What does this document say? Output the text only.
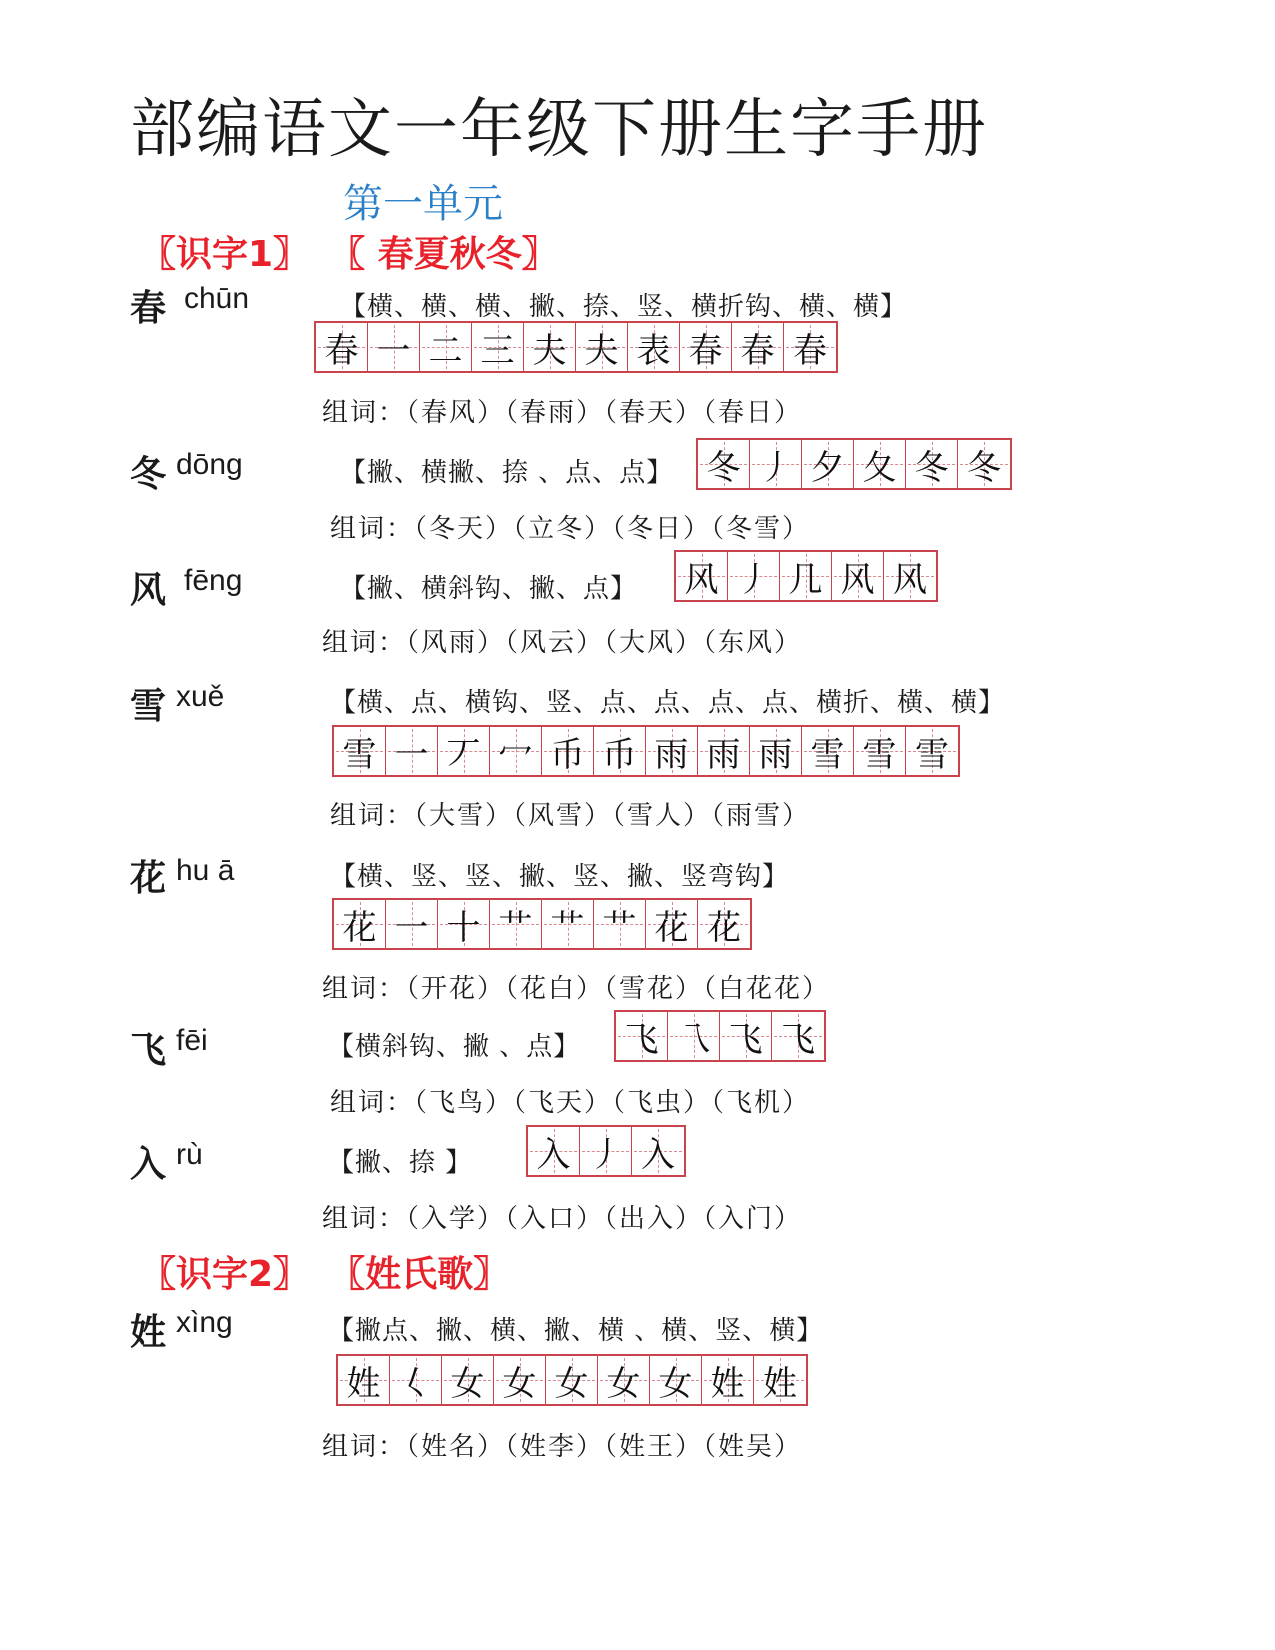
部编语文一年级下册生字手册
第一单元
〖识字1〗 〖 春夏秋冬〗
春 chūn	【横、横、横、撇、捺、竖、横折钩、横、横】
春 一 二 三 夫 夫 表 春 春 春
组词：（春风）（春雨）（春天）（春日）
冬 dōng	【撇、横撇、捺 、点、点】 冬 丿 夕 夂 冬 冬
组词：（冬天）（立冬）（冬日）（冬雪）
风 fēng	【撇、横斜钩、撇、点】 风 丿 几 风 风
组词：（风雨）（风云）（大风）（东风）
雪 xuě	【横、点、横钩、竖、点、点、点、点、横折、横、横】
雪 一 丆 冖 币 币 雨 雨 雨 雪 雪 雪
组词：（大雪）（风雪）（雪人）（雨雪）
花 hu ā	【横、竖、竖、撇、竖、撇、竖弯钩】
花 一 十 艹 艹 艹 花 花
组词：（开花）（花白）（雪花）（白花花）
飞 fēi	【横斜钩、撇 、点】 飞 乁 飞 飞
组词：（飞鸟）（飞天）（飞虫）（飞机）
入 rù	【撇、捺 】 入 丿 入
组词：（入学）（入口）（出入）（入门）
〖识字2〗 〖姓氏歌〗
姓 xìng	【撇点、撇、横、撇、横 、横、竖、横】
姓 𡿨 女 女 女 女 女 姓 姓
组词：（姓名）（姓李）（姓王）（姓吴）
